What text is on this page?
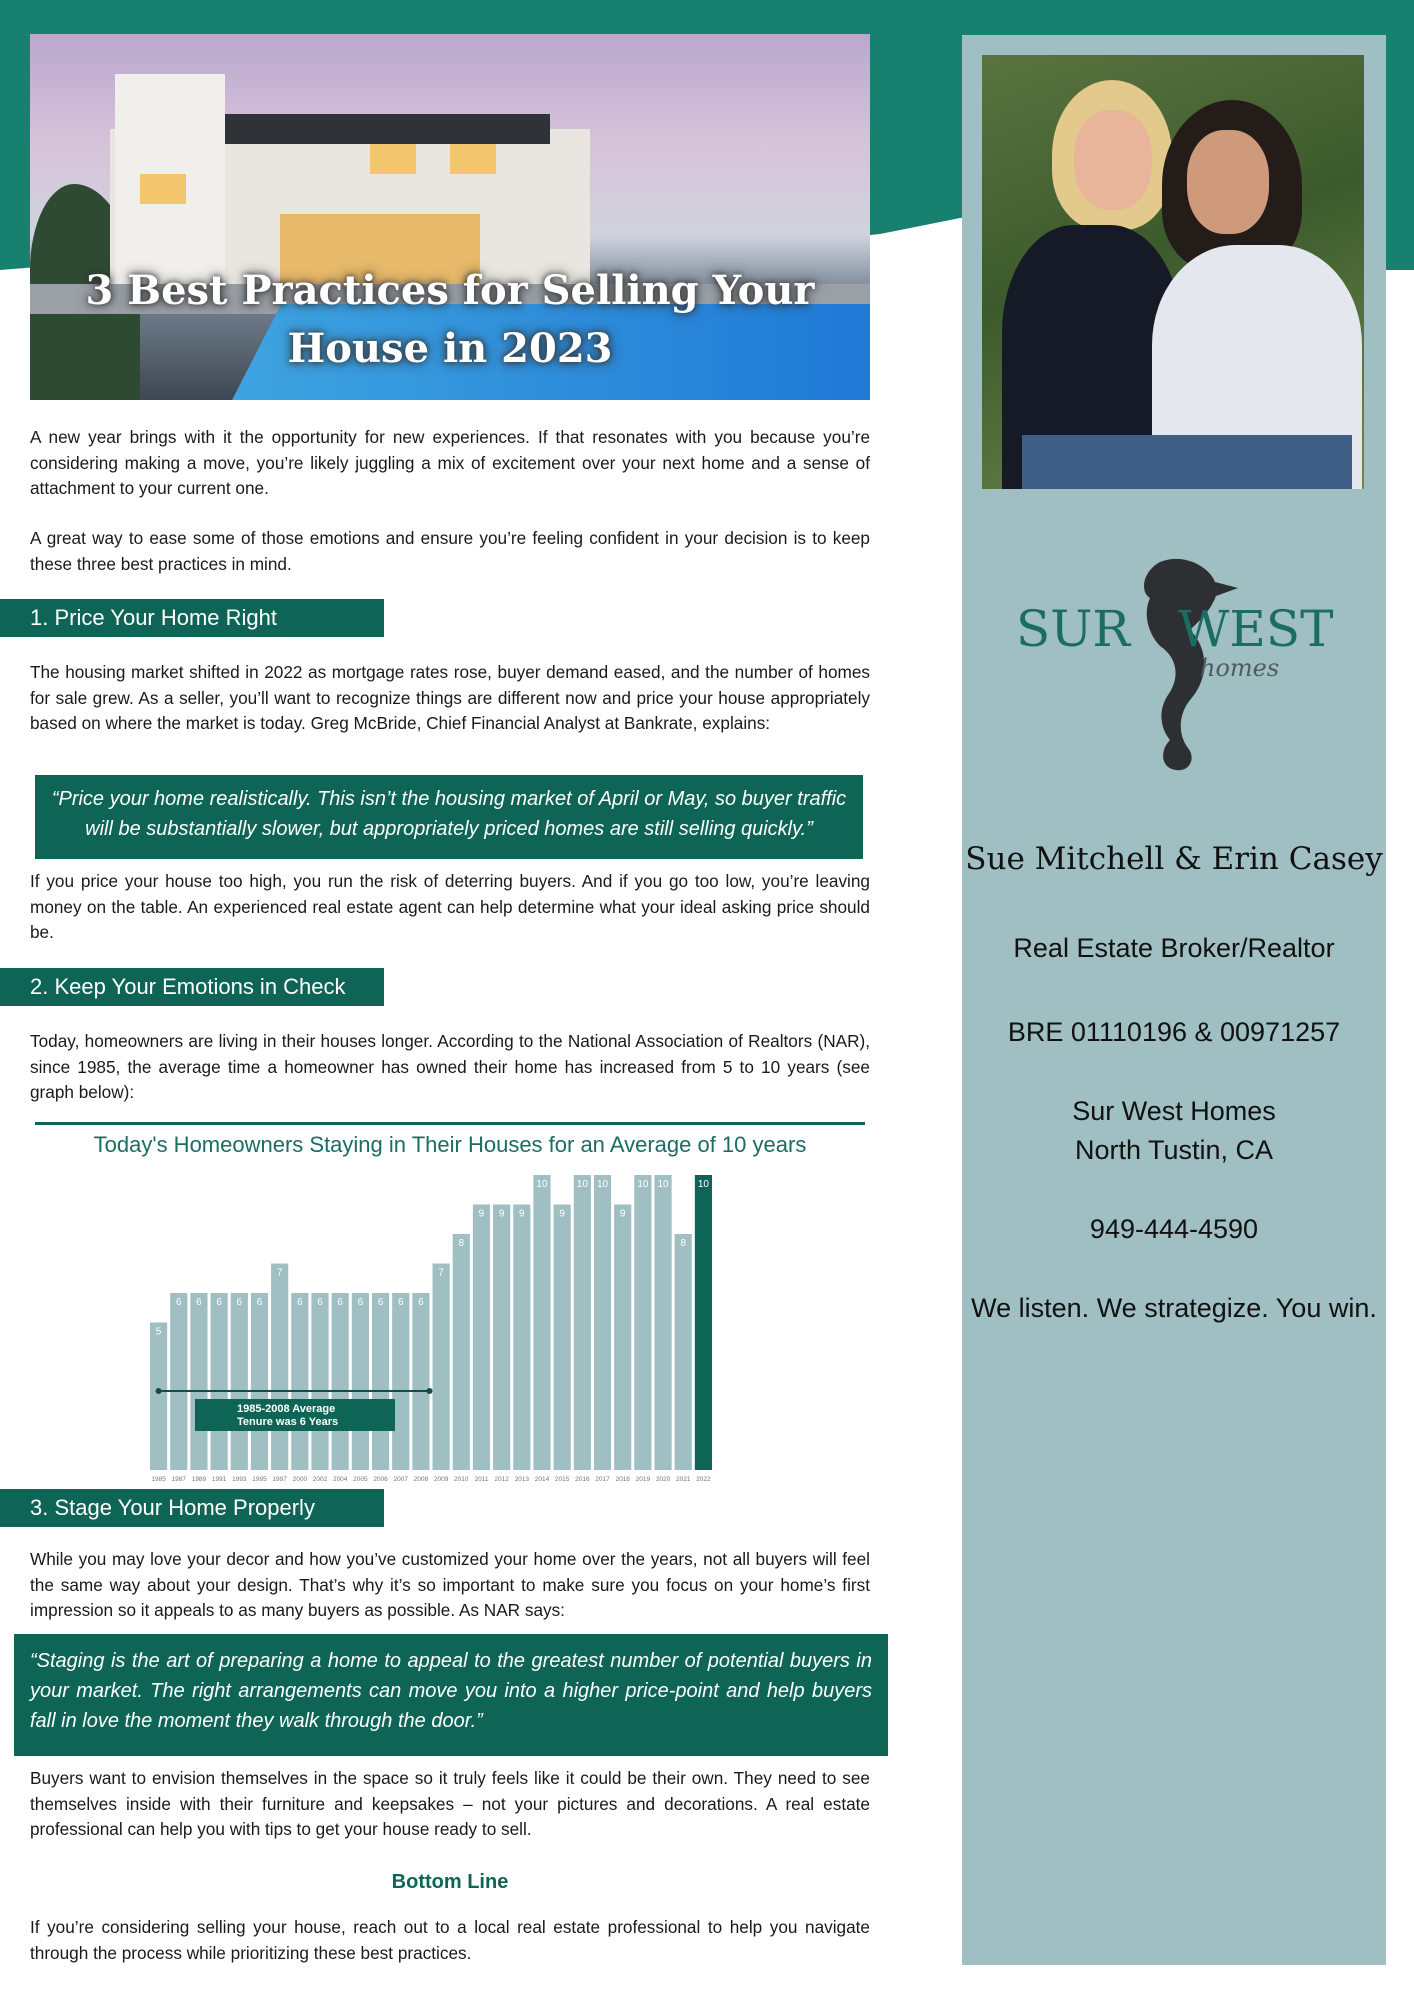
3 Best Practices for Selling Your
House in 2023

A new year brings with it the opportunity for new experiences. If that resonates with you because you’re considering making a move, you’re likely juggling a mix of excitement over your next home and a sense of attachment to your current one.

A great way to ease some of those emotions and ensure you’re feeling confident in your decision is to keep these three best practices in mind.

1. Price Your Home Right

The housing market shifted in 2022 as mortgage rates rose, buyer demand eased, and the number of homes for sale grew. As a seller, you’ll want to recognize things are different now and price your house appropriately based on where the market is today. Greg McBride, Chief Financial Analyst at Bankrate, explains:

“Price your home realistically. This isn’t the housing market of April or May, so buyer traffic will be substantially slower, but appropriately priced homes are still selling quickly.”

If you price your house too high, you run the risk of deterring buyers. And if you go too low, you’re leaving money on the table. An experienced real estate agent can help determine what your ideal asking price should be.

2. Keep Your Emotions in Check

Today, homeowners are living in their houses longer. According to the National Association of Realtors (NAR), since 1985, the average time a homeowner has owned their home has increased from 5 to 10 years (see graph below):

Today's Homeowners Staying in Their Houses for an Average of 10 years
5
1985
6
1987
6
1989
6
1991
6
1993
6
1995
7
1997
6
2000
6
2002
6
2004
6
2005
6
2006
6
2007
6
2008
7
2009
8
2010
9
2011
9
2012
9
2013
10
2014
9
2015
10
2016
10
2017
9
2018
10
2019
10
2020
8
2021
10
2022
1985-2008 Average
Tenure was 6 Years
3. Stage Your Home Properly

While you may love your decor and how you’ve customized your home over the years, not all buyers will feel the same way about your design. That’s why it’s so important to make sure you focus on your home’s first impression so it appeals to as many buyers as possible. As NAR says:

“Staging is the art of preparing a home to appeal to the greatest number of potential buyers in your market. The right arrangements can move you into a higher price-point and help buyers fall in love the moment they walk through the door.”

Buyers want to envision themselves in the space so it truly feels like it could be their own. They need to see themselves inside with their furniture and keepsakes – not your pictures and decorations. A real estate professional can help you with tips to get your house ready to sell.

Bottom Line

If you’re considering selling your house, reach out to a local real estate professional to help you navigate through the process while prioritizing these best practices.

SUR WEST
homes
Sue Mitchell & Erin Casey
Real Estate Broker/Realtor
BRE 01110196 & 00971257
Sur West Homes
North Tustin, CA
949-444-4590
We listen. We strategize. You win.
